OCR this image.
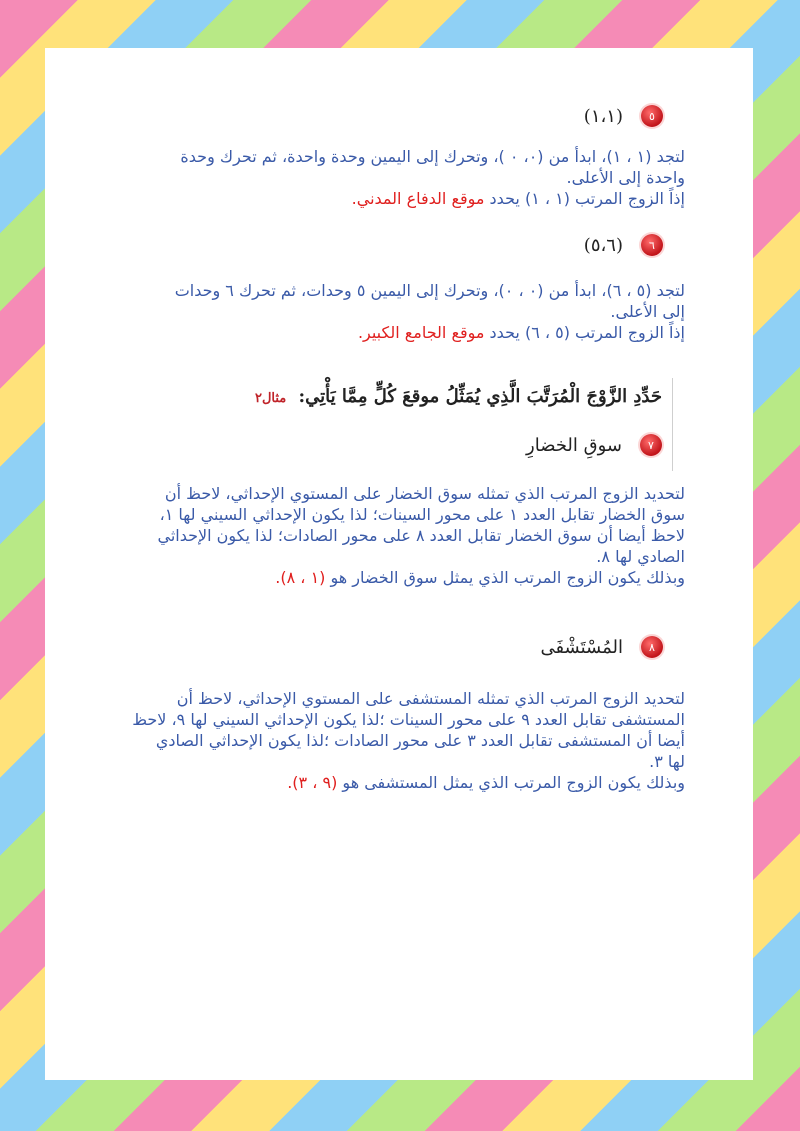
٥
(١،١)

لتجد (١ ، ١)، ابدأ من (٠، ٠ )، وتحرك إلى اليمين وحدة واحدة، ثم تحرك وحدة

واحدة إلى الأعلى.

إذاً الزوج المرتب (١ ، ١) يحدد موقع الدفاع المدني.

٦
(٥،٦)

لتجد (٥ ، ٦)، ابدأ من (٠ ، ٠)، وتحرك إلى اليمين ٥ وحدات، ثم تحرك ٦ وحدات

إلى الأعلى.

إذاً الزوج المرتب (٥ ، ٦) يحدد موقع الجامع الكبير.

حَدِّدِ الزَّوْجَ الْمُرَتَّبَ الَّذِي يُمَثِّلُ موقعَ كُلٍّ مِمَّا يَأْتِي: مثال٢
٧
سوقِ الخضارِ

لتحديد الزوج المرتب الذي تمثله سوق الخضار على المستوي الإحداثي، لاحظ أن

سوق الخضار تقابل العدد ١ على محور السينات؛ لذا يكون الإحداثي السيني لها ١،

لاحظ أيضا أن سوق الخضار تقابل العدد ٨ على محور الصادات؛ لذا يكون الإحداثي

الصادي لها ٨.

وبذلك يكون الزوج المرتب الذي يمثل سوق الخضار هو (١ ، ٨).

٨
المُسْتَشْفَى

لتحديد الزوج المرتب الذي تمثله المستشفى على المستوي الإحداثي، لاحظ أن

المستشفى تقابل العدد ٩ على محور السينات ؛لذا يكون الإحداثي السيني لها ٩، لاحظ

أيضا أن المستشفى تقابل العدد ٣ على محور الصادات ؛لذا يكون الإحداثي الصادي

لها ٣.

وبذلك يكون الزوج المرتب الذي يمثل المستشفى هو (٩ ، ٣).
